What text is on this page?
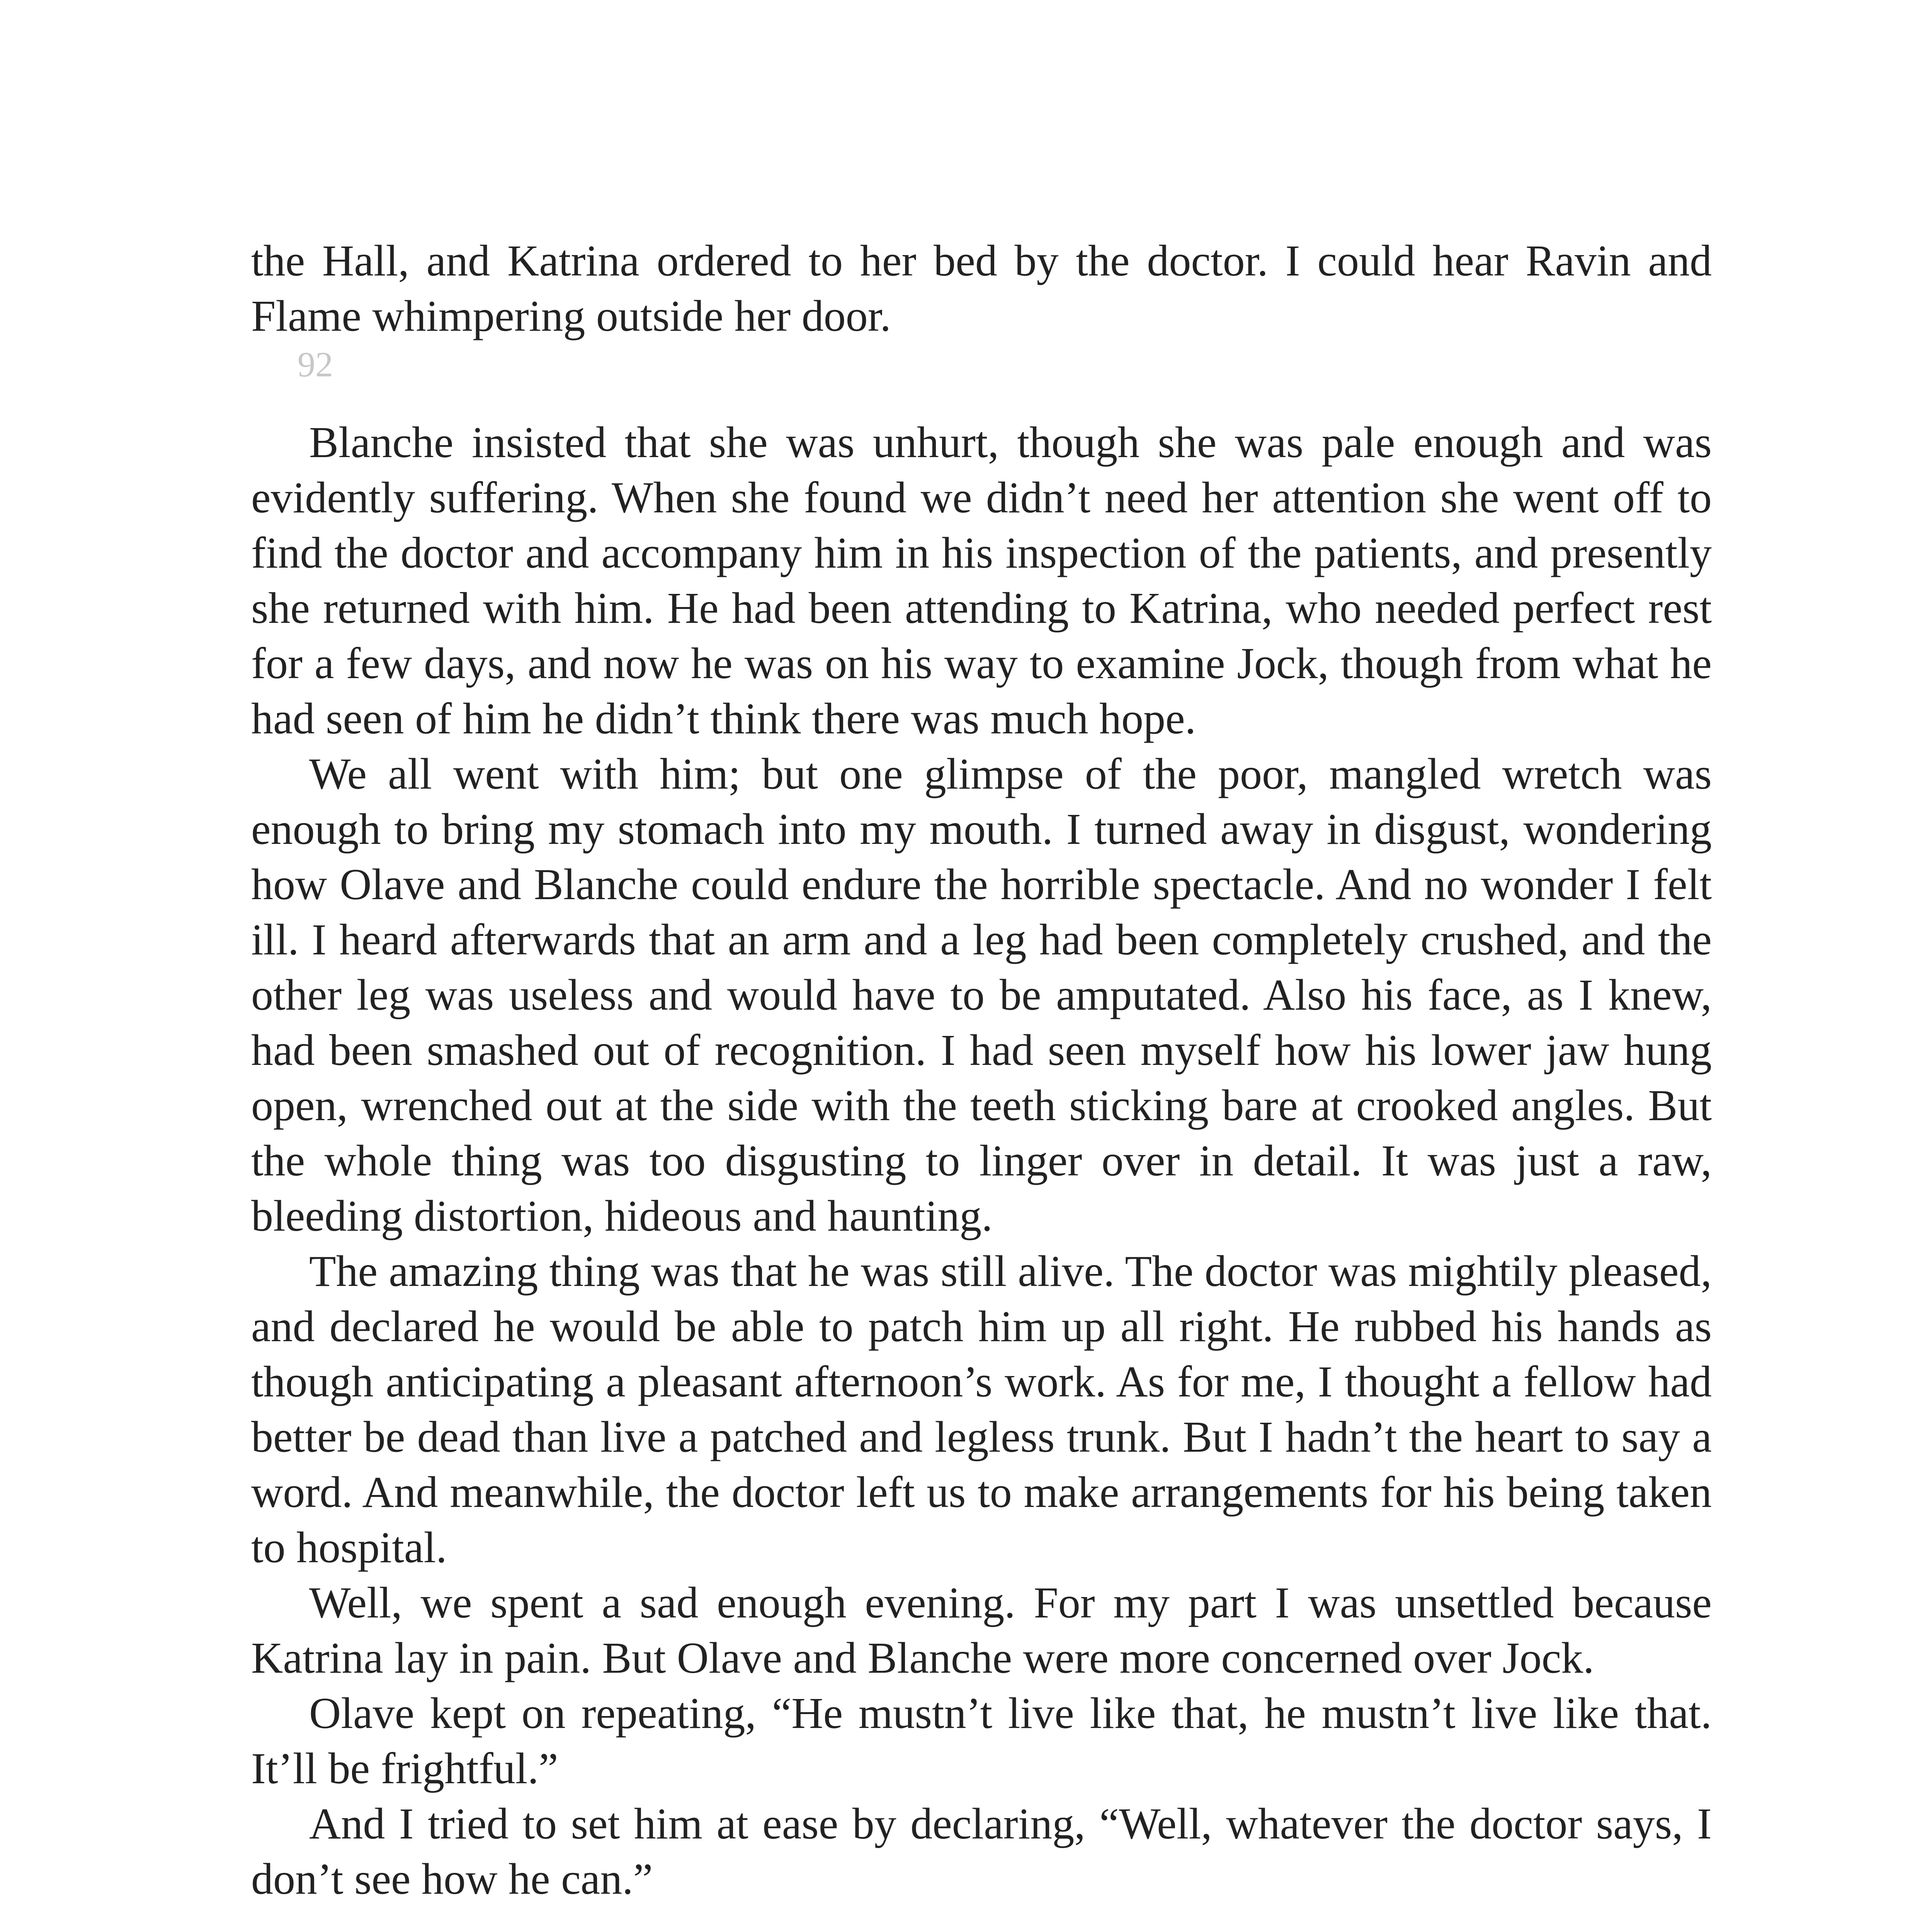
the Hall, and Katrina ordered to her bed by the doctor. I could hear Ravin and Flame whimpering outside her door.

92

Blanche insisted that she was unhurt, though she was pale enough and was evidently suffering. When she found we didn’t need her attention she went off to find the doctor and accompany him in his inspection of the patients, and presently she returned with him. He had been attending to Katrina, who needed perfect rest for a few days, and now he was on his way to examine Jock, though from what he had seen of him he didn’t think there was much hope.

We all went with him; but one glimpse of the poor, mangled wretch was enough to bring my stomach into my mouth. I turned away in disgust, wondering how Olave and Blanche could endure the horrible spectacle. And no wonder I felt ill. I heard afterwards that an arm and a leg had been completely crushed, and the other leg was useless and would have to be amputated. Also his face, as I knew, had been smashed out of recognition. I had seen myself how his lower jaw hung open, wrenched out at the side with the teeth sticking bare at crooked angles. But the whole thing was too disgusting to linger over in detail. It was just a raw, bleeding distortion, hideous and haunting.

The amazing thing was that he was still alive. The doctor was mightily pleased, and declared he would be able to patch him up all right. He rubbed his hands as though anticipating a pleasant afternoon’s work. As for me, I thought a fellow had better be dead than live a patched and legless trunk. But I hadn’t the heart to say a word. And meanwhile, the doctor left us to make arrangements for his being taken to hospital.

Well, we spent a sad enough evening. For my part I was unsettled because Katrina lay in pain. But Olave and Blanche were more concerned over Jock.

Olave kept on repeating, “He mustn’t live like that, he mustn’t live like that. It’ll be frightful.”

And I tried to set him at ease by declaring, “Well, whatever the doctor says, I don’t see how he can.”
